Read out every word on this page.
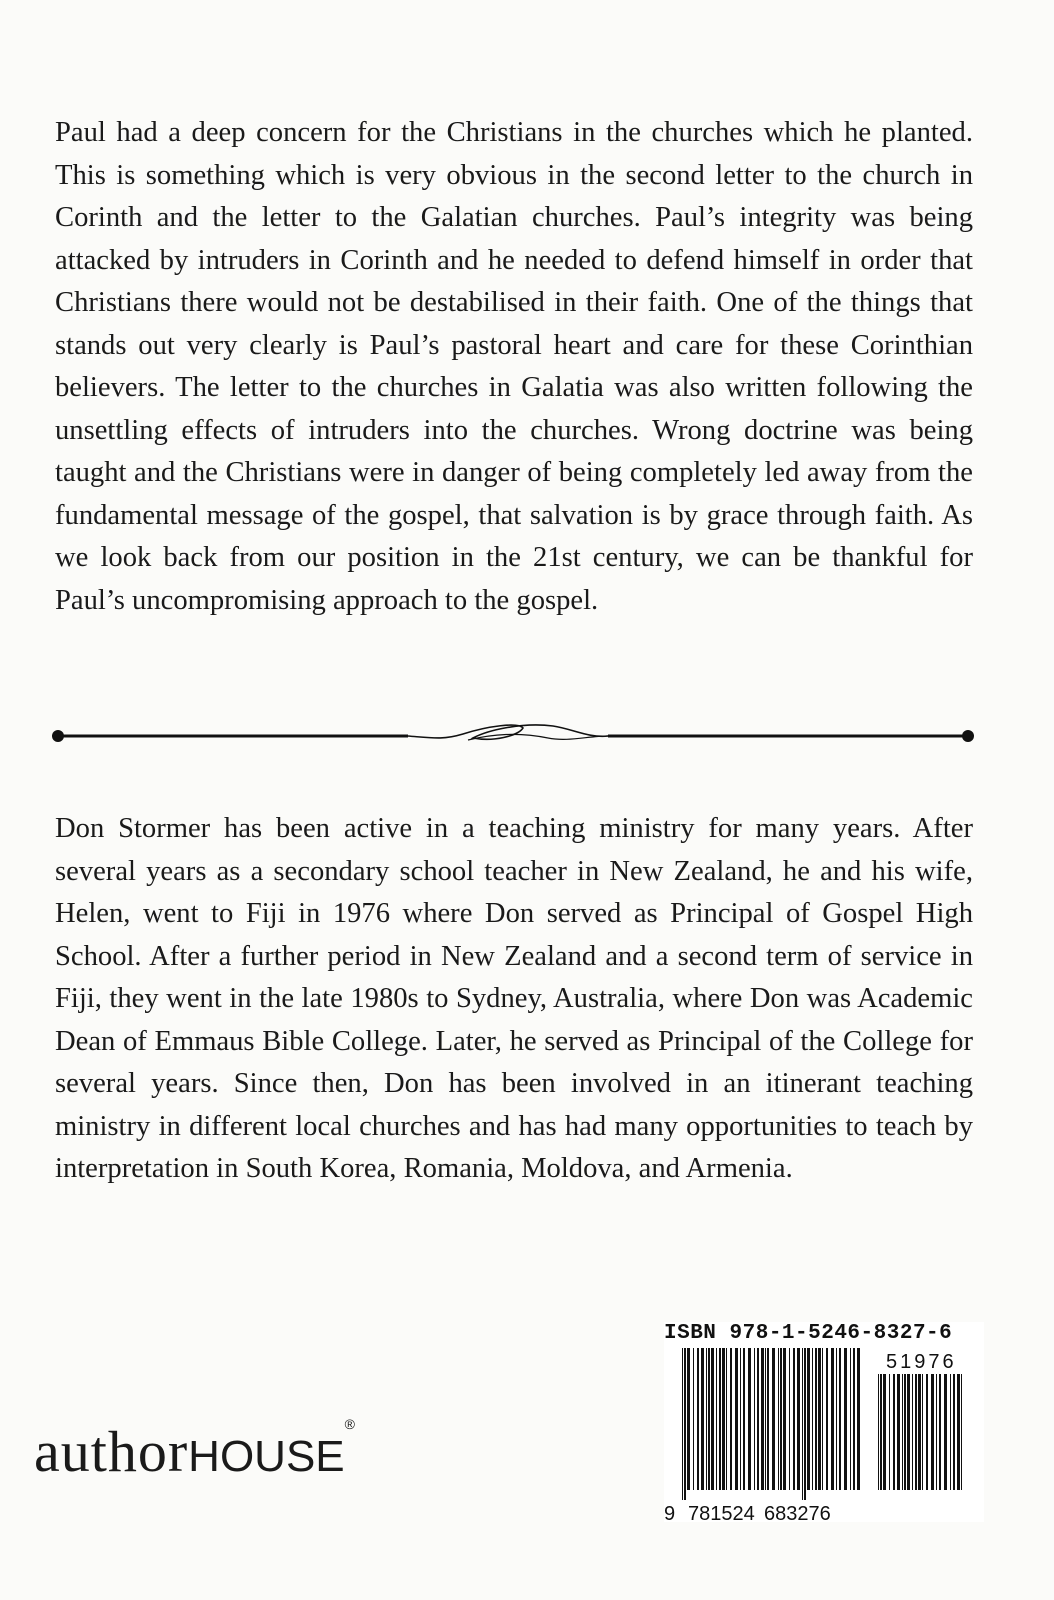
Paul had a deep concern for the Christians in the churches which he planted. This is something which is very obvious in the second letter to the church in Corinth and the letter to the Galatian churches. Paul’s integrity was being attacked by intruders in Corinth and he needed to defend himself in order that Christians there would not be destabilised in their faith. One of the things that stands out very clearly is Paul’s pastoral heart and care for these Corinthian believers. The letter to the churches in Galatia was also written following the unsettling effects of intruders into the churches. Wrong doctrine was being taught and the Christians were in danger of being completely led away from the fundamental message of the gospel, that salvation is by grace through faith. As we look back from our position in the 21st century, we can be thankful for Paul’s uncompromising approach to the gospel.

Don Stormer has been active in a teaching ministry for many years. After several years as a secondary school teacher in New Zealand, he and his wife, Helen, went to Fiji in 1976 where Don served as Principal of Gospel High School. After a further period in New Zealand and a second term of service in Fiji, they went in the late 1980s to Sydney, Australia, where Don was Academic Dean of Emmaus Bible College. Later, he served as Principal of the College for several years. Since then, Don has been involved in an itinerant teaching ministry in different local churches and has had many opportunities to teach by interpretation in South Korea, Romania, Moldova, and Armenia.

authorHOUSE®
ISBN 978-1-5246-8327-6
9 781524 683276
51976
